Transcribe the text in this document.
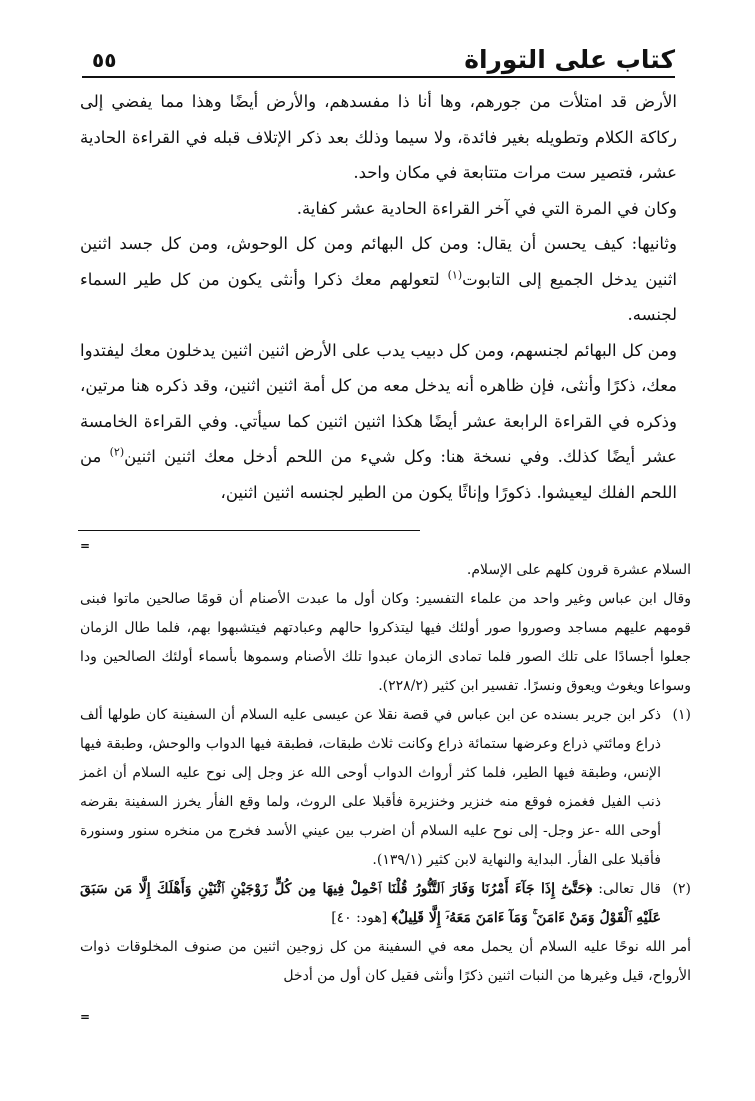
كتاب على التوراة
٥٥

الأرض قد امتلأت من جورهم، وها أنا ذا مفسدهم، والأرض أيضًا وهذا مما يفضي إلى ركاكة الكلام وتطويله بغير فائدة، ولا سيما وذلك بعد ذكر الإتلاف قبله في القراءة الحادية عشر، فتصير ست مرات متتابعة في مكان واحد.

وكان في المرة التي في آخر القراءة الحادية عشر كفاية.

وثانيها: كيف يحسن أن يقال: ومن كل البهائم ومن كل الوحوش، ومن كل جسد اثنين اثنين يدخل الجميع إلى التابوت$^{(١)}$ لتعولهم معك ذكرا وأنثى يكون من كل طير السماء لجنسه.

ومن كل البهائم لجنسهم، ومن كل دبيب يدب على الأرض اثنين اثنين يدخلون معك ليفتدوا معك، ذكرًا وأنثى، فإن ظاهره أنه يدخل معه من كل أمة اثنين اثنين، وقد ذكره هنا مرتين، وذكره في القراءة الرابعة عشر أيضًا هكذا اثنين اثنين كما سيأتي. وفي القراءة الخامسة عشر أيضًا كذلك. وفي نسخة هنا: وكل شيء من اللحم أدخل معك اثنين اثنين$^{(٢)}$ من اللحم الفلك ليعيشوا. ذكورًا وإناثًا يكون من الطير لجنسه اثنين اثنين،

=

السلام عشرة قرون كلهم على الإسلام.

وقال ابن عباس وغير واحد من علماء التفسير: وكان أول ما عبدت الأصنام أن قومًا صالحين ماتوا فبنى قومهم عليهم مساجد وصوروا صور أولئك فيها ليتذكروا حالهم وعبادتهم فيتشبهوا بهم، فلما طال الزمان جعلوا أجسادًا على تلك الصور فلما تمادى الزمان عبدوا تلك الأصنام وسموها بأسماء أولئك الصالحين ودا وسواعا ويغوث ويعوق ونسرًا. تفسير ابن كثير (٢٢٨/٢).

(١)
ذكر ابن جرير بسنده عن ابن عباس في قصة نقلا عن عيسى عليه السلام أن السفينة كان طولها ألف ذراع ومائتي ذراع وعرضها ستمائة ذراع وكانت ثلاث طبقات، فطبقة فيها الدواب والوحش، وطبقة فيها الإنس، وطبقة فيها الطير، فلما كثر أرواث الدواب أوحى الله عز وجل إلى نوح عليه السلام أن اغمز ذنب الفيل فغمزه فوقع منه خنزير وخنزيرة فأقبلا على الروث، ولما وقع الفأر يخرز السفينة بقرضه أوحى الله -عز وجل- إلى نوح عليه السلام أن اضرب بين عيني الأسد فخرج من منخره سنور وسنورة فأقبلا على الفأر. البداية والنهاية لابن كثير (١٣٩/١).

(٢)
قال تعالى: ﴿حَتَّىٰٓ إِذَا جَآءَ أَمْرُنَا وَفَارَ ٱلتَّنُّورُ قُلْنَا ٱحْمِلْ فِيهَا مِن كُلٍّ زَوْجَيْنِ ٱثْنَيْنِ وَأَهْلَكَ إِلَّا مَن سَبَقَ عَلَيْهِ ٱلْقَوْلُ وَمَنْ ءَامَنَ ۚ وَمَآ ءَامَنَ مَعَهُۥٓ إِلَّا قَلِيلٌ﴾ [هود: ٤٠]

أمر الله نوحًا عليه السلام أن يحمل معه في السفينة من كل زوجين اثنين من صنوف المخلوقات ذوات الأرواح، قيل وغيرها من النبات اثنين ذكرًا وأنثى فقيل كان أول من أدخل

=
